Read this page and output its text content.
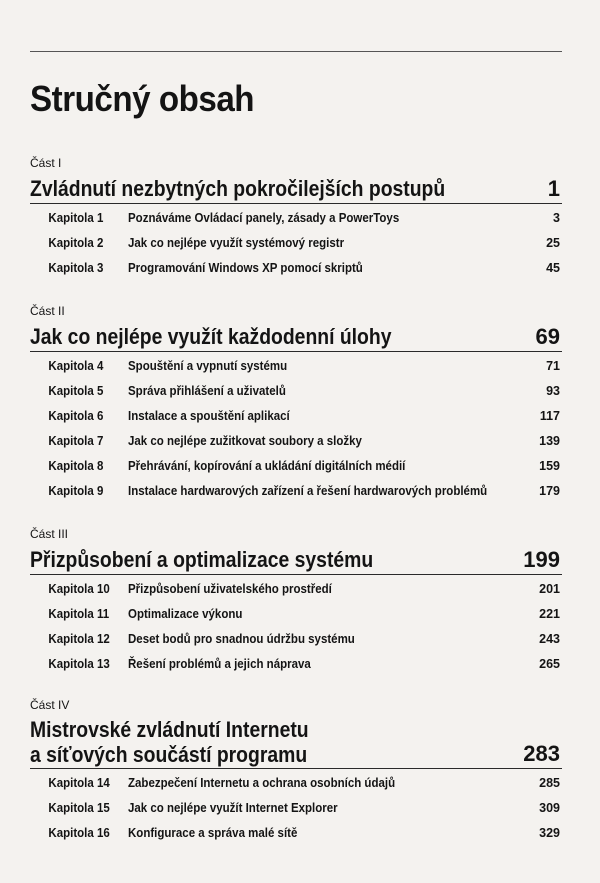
Stručný obsah
Část I
Zvládnutí nezbytných pokročilejších postupů	1
Kapitola 1	Poznáváme Ovládací panely, zásady a PowerToys	3
Kapitola 2	Jak co nejlépe využít systémový registr	25
Kapitola 3	Programování Windows XP pomocí skriptů	45
Část II
Jak co nejlépe využít každodenní úlohy	69
Kapitola 4	Spouštění a vypnutí systému	71
Kapitola 5	Správa přihlášení a uživatelů	93
Kapitola 6	Instalace a spouštění aplikací	117
Kapitola 7	Jak co nejlépe zužitkovat soubory a složky	139
Kapitola 8	Přehrávání, kopírování a ukládání digitálních médií	159
Kapitola 9	Instalace hardwarových zařízení a řešení hardwarových problémů	179
Část III
Přizpůsobení a optimalizace systému	199
Kapitola 10	Přizpůsobení uživatelského prostředí	201
Kapitola 11	Optimalizace výkonu	221
Kapitola 12	Deset bodů pro snadnou údržbu systému	243
Kapitola 13	Řešení problémů a jejich náprava	265
Část IV
Mistrovské zvládnutí Internetu
a síťových součástí programu	283
Kapitola 14	Zabezpečení Internetu a ochrana osobních údajů	285
Kapitola 15	Jak co nejlépe využít Internet Explorer	309
Kapitola 16	Konfigurace a správa malé sítě	329
